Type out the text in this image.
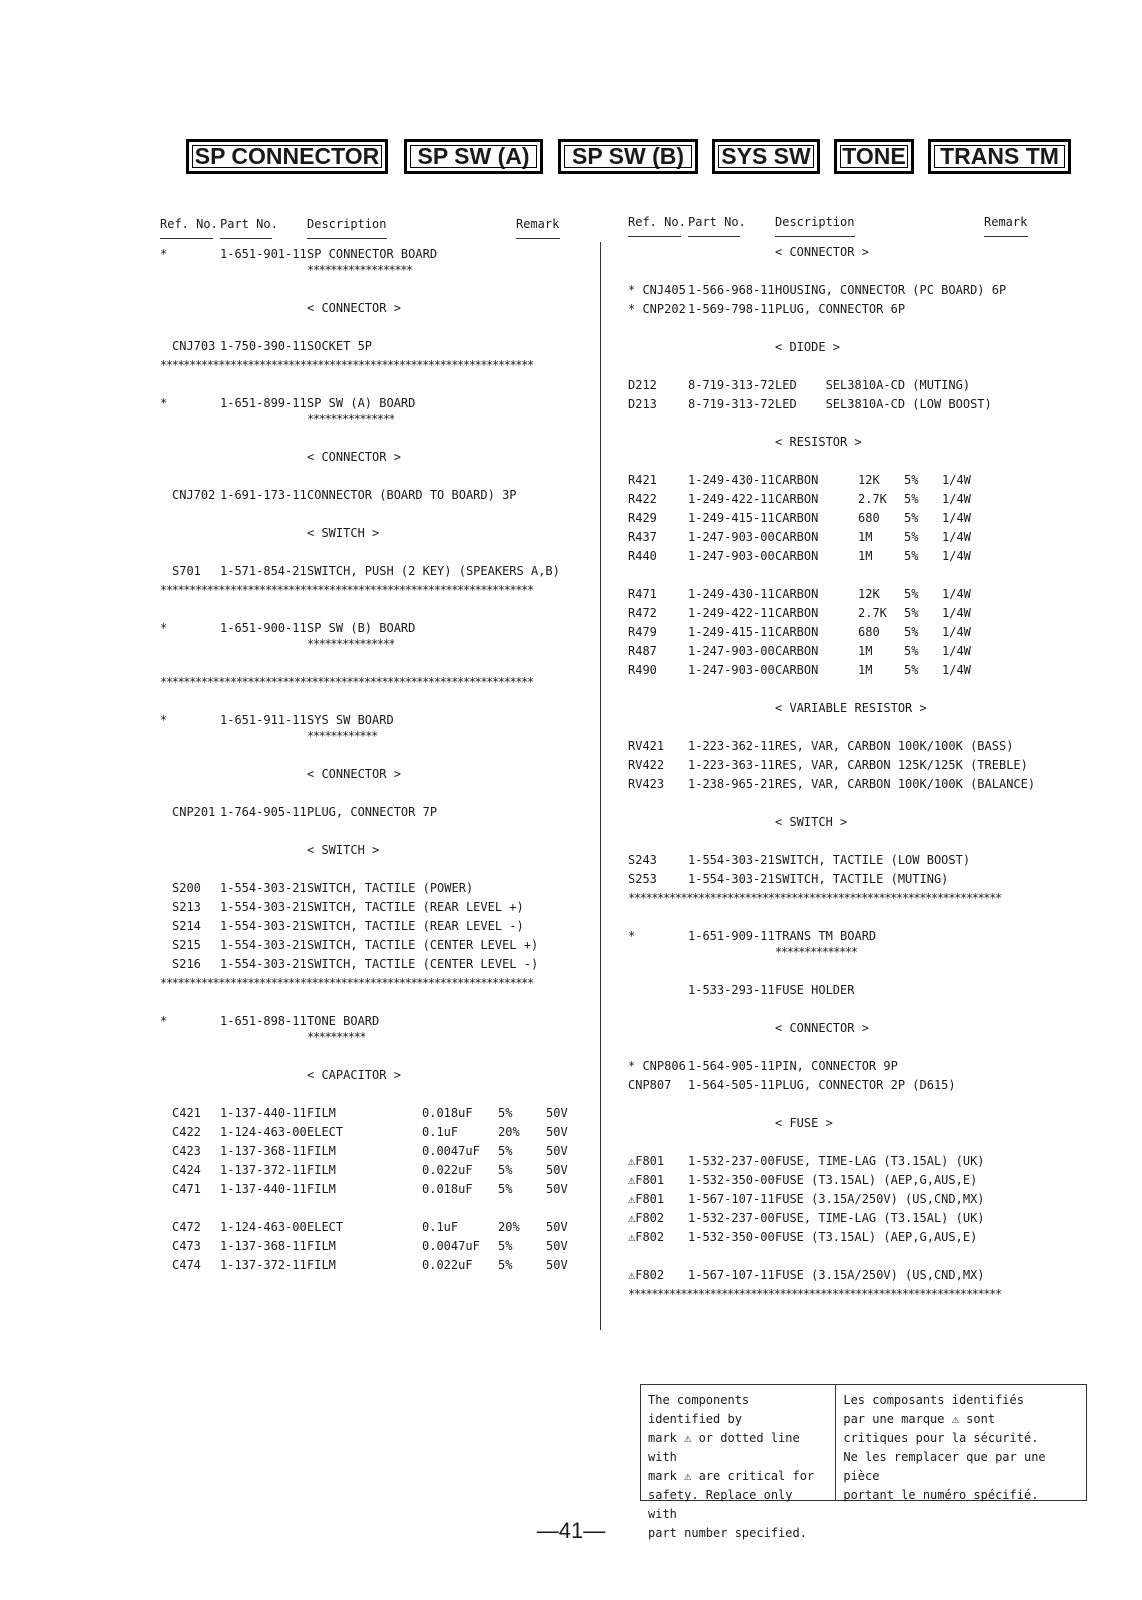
SP CONNECTOR	SP SW (A)	SP SW (B)	SYS SW	TONE	TRANS TM
Ref. No. Part No. Description	Remark
*	1-651-901-11 SP CONNECTOR BOARD
******************
< CONNECTOR >
CNJ703 1-750-390-11 SOCKET 5P
****************************************************************
*	1-651-899-11 SP SW (A) BOARD
***************
< CONNECTOR >
CNJ702 1-691-173-11 CONNECTOR (BOARD TO BOARD) 3P
< SWITCH >
S701 1-571-854-21 SWITCH, PUSH (2 KEY) (SPEAKERS A,B)
****************************************************************
*	1-651-900-11 SP SW (B) BOARD
***************
****************************************************************
*	1-651-911-11 SYS SW BOARD
************
< CONNECTOR >
CNP201 1-764-905-11 PLUG, CONNECTOR 7P
< SWITCH >
S200 1-554-303-21 SWITCH, TACTILE (POWER)
S213 1-554-303-21 SWITCH, TACTILE (REAR LEVEL +)
S214 1-554-303-21 SWITCH, TACTILE (REAR LEVEL -)
S215 1-554-303-21 SWITCH, TACTILE (CENTER LEVEL +)
S216 1-554-303-21 SWITCH, TACTILE (CENTER LEVEL -)
****************************************************************
*	1-651-898-11 TONE BOARD
**********
< CAPACITOR >
C421 1-137-440-11 FILM	0.018uF 5%	50V
C422 1-124-463-00 ELECT	0.1uF	20% 50V
C423 1-137-368-11 FILM	0.0047uF 5%	50V
C424 1-137-372-11 FILM	0.022uF 5%	50V
C471 1-137-440-11 FILM	0.018uF 5%	50V
C472 1-124-463-00 ELECT	0.1uF	20% 50V
C473 1-137-368-11 FILM	0.0047uF 5%	50V
C474 1-137-372-11 FILM	0.022uF 5%	50V
Ref. No. Part No. Description	Remark
< CONNECTOR >
* CNJ405 1-566-968-11 HOUSING, CONNECTOR (PC BOARD) 6P
* CNP202 1-569-798-11 PLUG, CONNECTOR 6P
< DIODE >
D212	8-719-313-72 LED    SEL3810A-CD (MUTING)
D213	8-719-313-72 LED    SEL3810A-CD (LOW BOOST)
< RESISTOR >
R421	1-249-430-11 CARBON	12K 5% 1/4W
R422	1-249-422-11 CARBON	2.7K 5% 1/4W
R429	1-249-415-11 CARBON	680 5% 1/4W
R437	1-247-903-00 CARBON	1M	5% 1/4W
R440	1-247-903-00 CARBON	1M	5% 1/4W
R471	1-249-430-11 CARBON	12K 5% 1/4W
R472	1-249-422-11 CARBON	2.7K 5% 1/4W
R479	1-249-415-11 CARBON	680 5% 1/4W
R487	1-247-903-00 CARBON	1M	5% 1/4W
R490	1-247-903-00 CARBON	1M	5% 1/4W
< VARIABLE RESISTOR >
RV421 1-223-362-11 RES, VAR, CARBON 100K/100K (BASS)
RV422 1-223-363-11 RES, VAR, CARBON 125K/125K (TREBLE)
RV423 1-238-965-21 RES, VAR, CARBON 100K/100K (BALANCE)
< SWITCH >
S243	1-554-303-21 SWITCH, TACTILE (LOW BOOST)
S253	1-554-303-21 SWITCH, TACTILE (MUTING)
****************************************************************
*	1-651-909-11 TRANS TM BOARD
**************
1-533-293-11 FUSE HOLDER
< CONNECTOR >
* CNP806 1-564-905-11 PIN, CONNECTOR 9P
CNP807 1-564-505-11 PLUG, CONNECTOR 2P (D615)
< FUSE >
⚠F801 1-532-237-00 FUSE, TIME-LAG (T3.15AL) (UK)
⚠F801 1-532-350-00 FUSE (T3.15AL) (AEP,G,AUS,E)
⚠F801 1-567-107-11 FUSE (3.15A/250V) (US,CND,MX)
⚠F802 1-532-237-00 FUSE, TIME-LAG (T3.15AL) (UK)
⚠F802 1-532-350-00 FUSE (T3.15AL) (AEP,G,AUS,E)
⚠F802 1-567-107-11 FUSE (3.15A/250V) (US,CND,MX)
****************************************************************
The components identified by
mark ⚠ or dotted line with
mark ⚠ are critical for
safety. Replace only with
part number specified.
Les composants identifiés
par une marque ⚠ sont
critiques pour la sécurité.
Ne les remplacer que par une pièce
portant le numéro spécifié.
—41—
